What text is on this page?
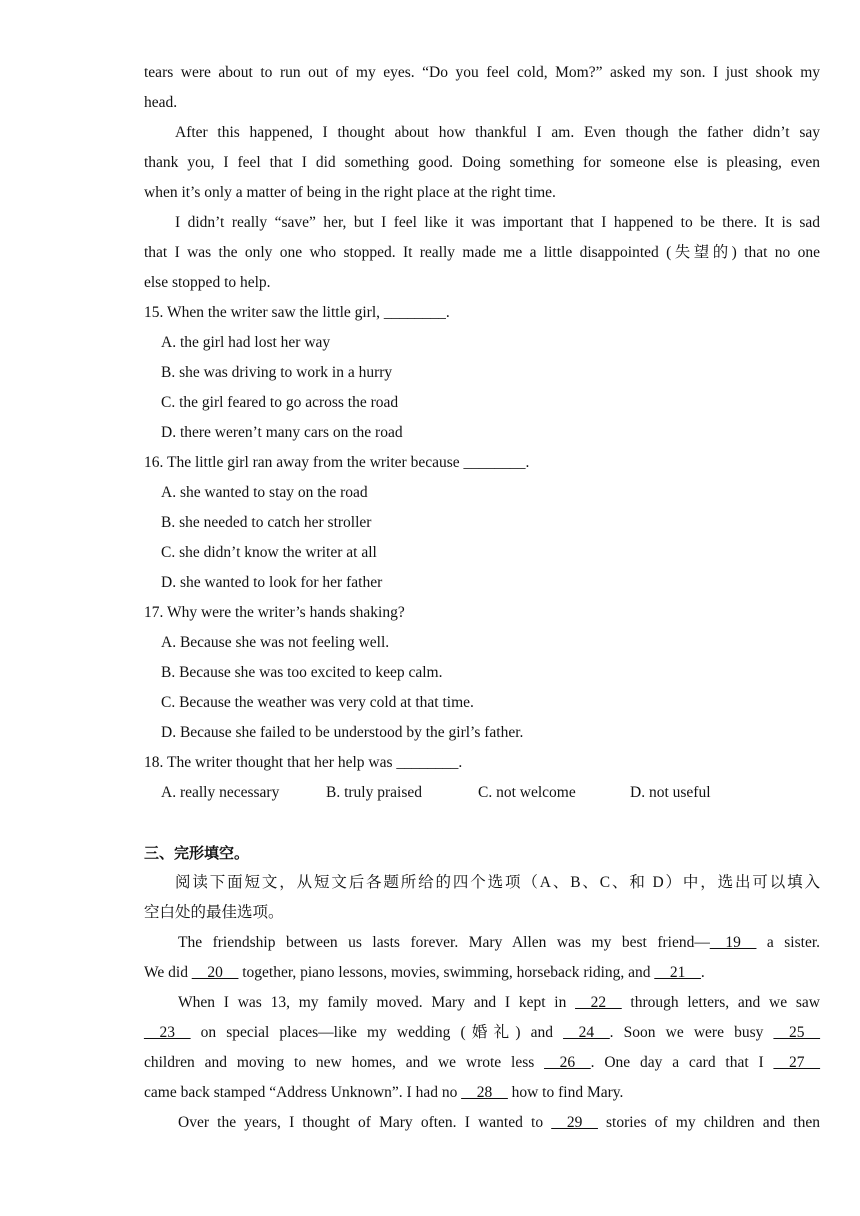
tears were about to run out of my eyes. “Do you feel cold, Mom?” asked my son. I just shook my
head.
After this happened, I thought about how thankful I am. Even though the father didn’t say
thank you, I feel that I did something good. Doing something for someone else is pleasing, even
when it’s only a matter of being in the right place at the right time.
I didn’t really “save” her, but I feel like it was important that I happened to be there. It is sad
that I was the only one who stopped. It really made me a little disappointed (失望的) that no one
else stopped to help.
15. When the writer saw the little girl, ________.
A. the girl had lost her way
B. she was driving to work in a hurry
C. the girl feared to go across the road
D. there weren’t many cars on the road
16. The little girl ran away from the writer because ________.
A. she wanted to stay on the road
B. she needed to catch her stroller
C. she didn’t know the writer at all
D. she wanted to look for her father
17. Why were the writer’s hands shaking?
A. Because she was not feeling well.
B. Because she was too excited to keep calm.
C. Because the weather was very cold at that time.
D. Because she failed to be understood by the girl’s father.
18. The writer thought that her help was ________.
A. really necessary	B. truly praised	C. not welcome	D. not useful
三、完形填空。
阅读下面短文，从短文后各题所给的四个选项（A、B、C、和 D）中，选出可以填入
空白处的最佳选项。
The friendship between us lasts forever. Mary Allen was my best friend—__19__ a sister.
We did __20__ together, piano lessons, movies, swimming, horseback riding, and __21__.
When I was 13, my family moved. Mary and I kept in __22__ through letters, and we saw
__23__ on special places—like my wedding (婚礼) and __24__. Soon we were busy __25__
children and moving to new homes, and we wrote less __26__. One day a card that I __27__
came back stamped “Address Unknown”. I had no __28__ how to find Mary.
Over the years, I thought of Mary often. I wanted to __29__ stories of my children and then
